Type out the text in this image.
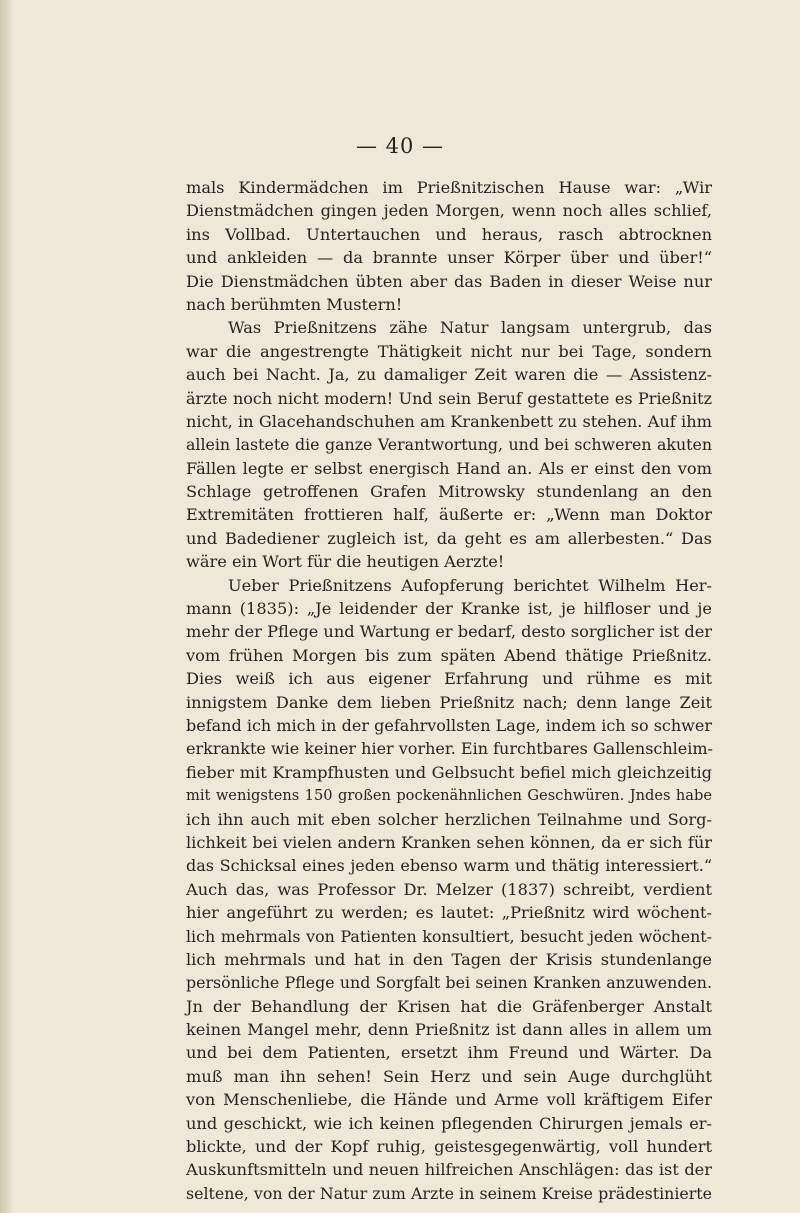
— 40 —
mals Kindermädchen im Prießnitzischen Hause war: „Wir
Dienstmädchen gingen jeden Morgen, wenn noch alles schlief,
ins Vollbad. Untertauchen und heraus, rasch abtrocknen
und ankleiden — da brannte unser Körper über und über!“
Die Dienstmädchen übten aber das Baden in dieser Weise nur
nach berühmten Mustern!
Was Prießnitzens zähe Natur langsam untergrub, das
war die angestrengte Thätigkeit nicht nur bei Tage, sondern
auch bei Nacht. Ja, zu damaliger Zeit waren die — Assistenz-
ärzte noch nicht modern! Und sein Beruf gestattete es Prießnitz
nicht, in Glacehandschuhen am Krankenbett zu stehen. Auf ihm
allein lastete die ganze Verantwortung, und bei schweren akuten
Fällen legte er selbst energisch Hand an. Als er einst den vom
Schlage getroffenen Grafen Mitrowsky stundenlang an den
Extremitäten frottieren half, äußerte er: „Wenn man Doktor
und Badediener zugleich ist, da geht es am allerbesten.“ Das
wäre ein Wort für die heutigen Aerzte!
Ueber Prießnitzens Aufopferung berichtet Wilhelm Her-
mann (1835): „Je leidender der Kranke ist, je hilfloser und je
mehr der Pflege und Wartung er bedarf, desto sorglicher ist der
vom frühen Morgen bis zum späten Abend thätige Prießnitz.
Dies weiß ich aus eigener Erfahrung und rühme es mit
innigstem Danke dem lieben Prießnitz nach; denn lange Zeit
befand ich mich in der gefahrvollsten Lage, indem ich so schwer
erkrankte wie keiner hier vorher. Ein furchtbares Gallenschleim-
fieber mit Krampfhusten und Gelbsucht befiel mich gleichzeitig
mit wenigstens 150 großen pockenähnlichen Geschwüren. Jndes habe
ich ihn auch mit eben solcher herzlichen Teilnahme und Sorg-
lichkeit bei vielen andern Kranken sehen können, da er sich für
das Schicksal eines jeden ebenso warm und thätig interessiert.“
Auch das, was Professor Dr. Melzer (1837) schreibt, verdient
hier angeführt zu werden; es lautet: „Prießnitz wird wöchent-
lich mehrmals von Patienten konsultiert, besucht jeden wöchent-
lich mehrmals und hat in den Tagen der Krisis stundenlange
persönliche Pflege und Sorgfalt bei seinen Kranken anzuwenden.
Jn der Behandlung der Krisen hat die Gräfenberger Anstalt
keinen Mangel mehr, denn Prießnitz ist dann alles in allem um
und bei dem Patienten, ersetzt ihm Freund und Wärter. Da
muß man ihn sehen! Sein Herz und sein Auge durchglüht
von Menschenliebe, die Hände und Arme voll kräftigem Eifer
und geschickt, wie ich keinen pflegenden Chirurgen jemals er-
blickte, und der Kopf ruhig, geistesgegenwärtig, voll hundert
Auskunftsmitteln und neuen hilfreichen Anschlägen: das ist der
seltene, von der Natur zum Arzte in seinem Kreise prädestinierte
